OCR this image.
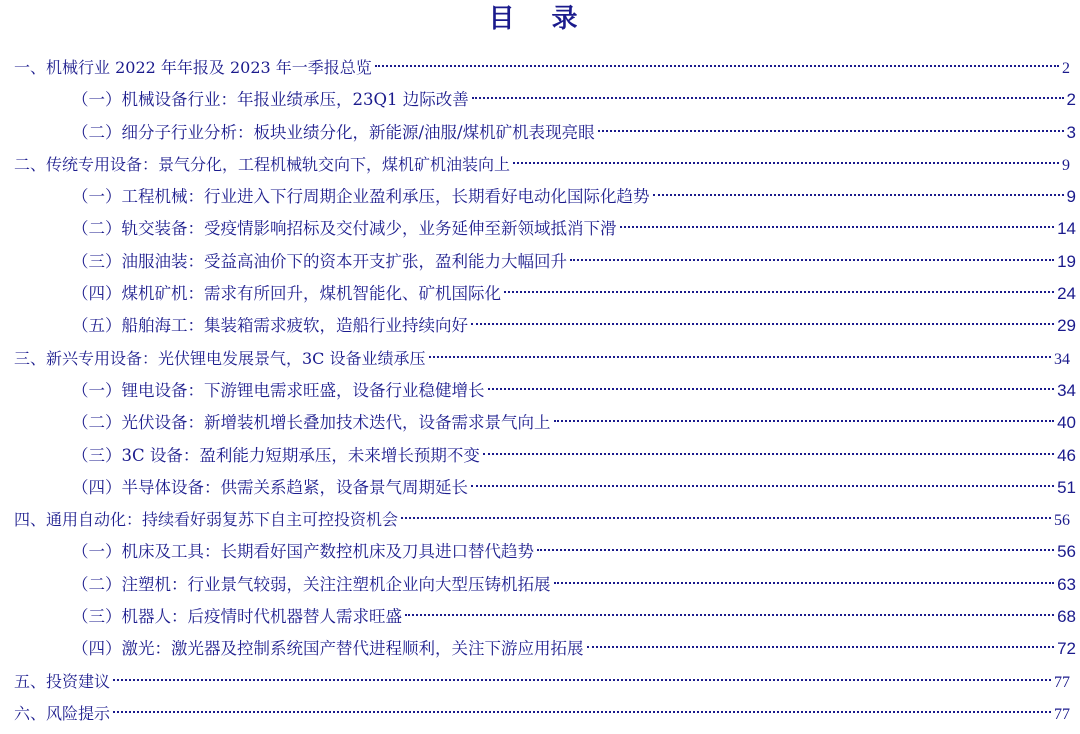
目 录
一、机械行业 2022 年年报及 2023 年一季报总览	2
（一）机械设备行业：年报业绩承压，23Q1 边际改善	2
（二）细分子行业分析：板块业绩分化，新能源/油服/煤机矿机表现亮眼	3
二、传统专用设备：景气分化，工程机械轨交向下，煤机矿机油装向上	9
（一）工程机械：行业进入下行周期企业盈利承压，长期看好电动化国际化趋势	9
（二）轨交装备：受疫情影响招标及交付减少，业务延伸至新领域抵消下滑	14
（三）油服油装：受益高油价下的资本开支扩张，盈利能力大幅回升	19
（四）煤机矿机：需求有所回升，煤机智能化、矿机国际化	24
（五）船舶海工：集装箱需求疲软，造船行业持续向好	29
三、新兴专用设备：光伏锂电发展景气，3C 设备业绩承压	34
（一）锂电设备：下游锂电需求旺盛，设备行业稳健增长	34
（二）光伏设备：新增装机增长叠加技术迭代，设备需求景气向上	40
（三）3C 设备：盈利能力短期承压，未来增长预期不变	46
（四）半导体设备：供需关系趋紧，设备景气周期延长	51
四、通用自动化：持续看好弱复苏下自主可控投资机会	56
（一）机床及工具：长期看好国产数控机床及刀具进口替代趋势	56
（二）注塑机：行业景气较弱，关注注塑机企业向大型压铸机拓展	63
（三）机器人：后疫情时代机器替人需求旺盛	68
（四）激光：激光器及控制系统国产替代进程顺利，关注下游应用拓展	72
五、投资建议	77
六、风险提示	77
